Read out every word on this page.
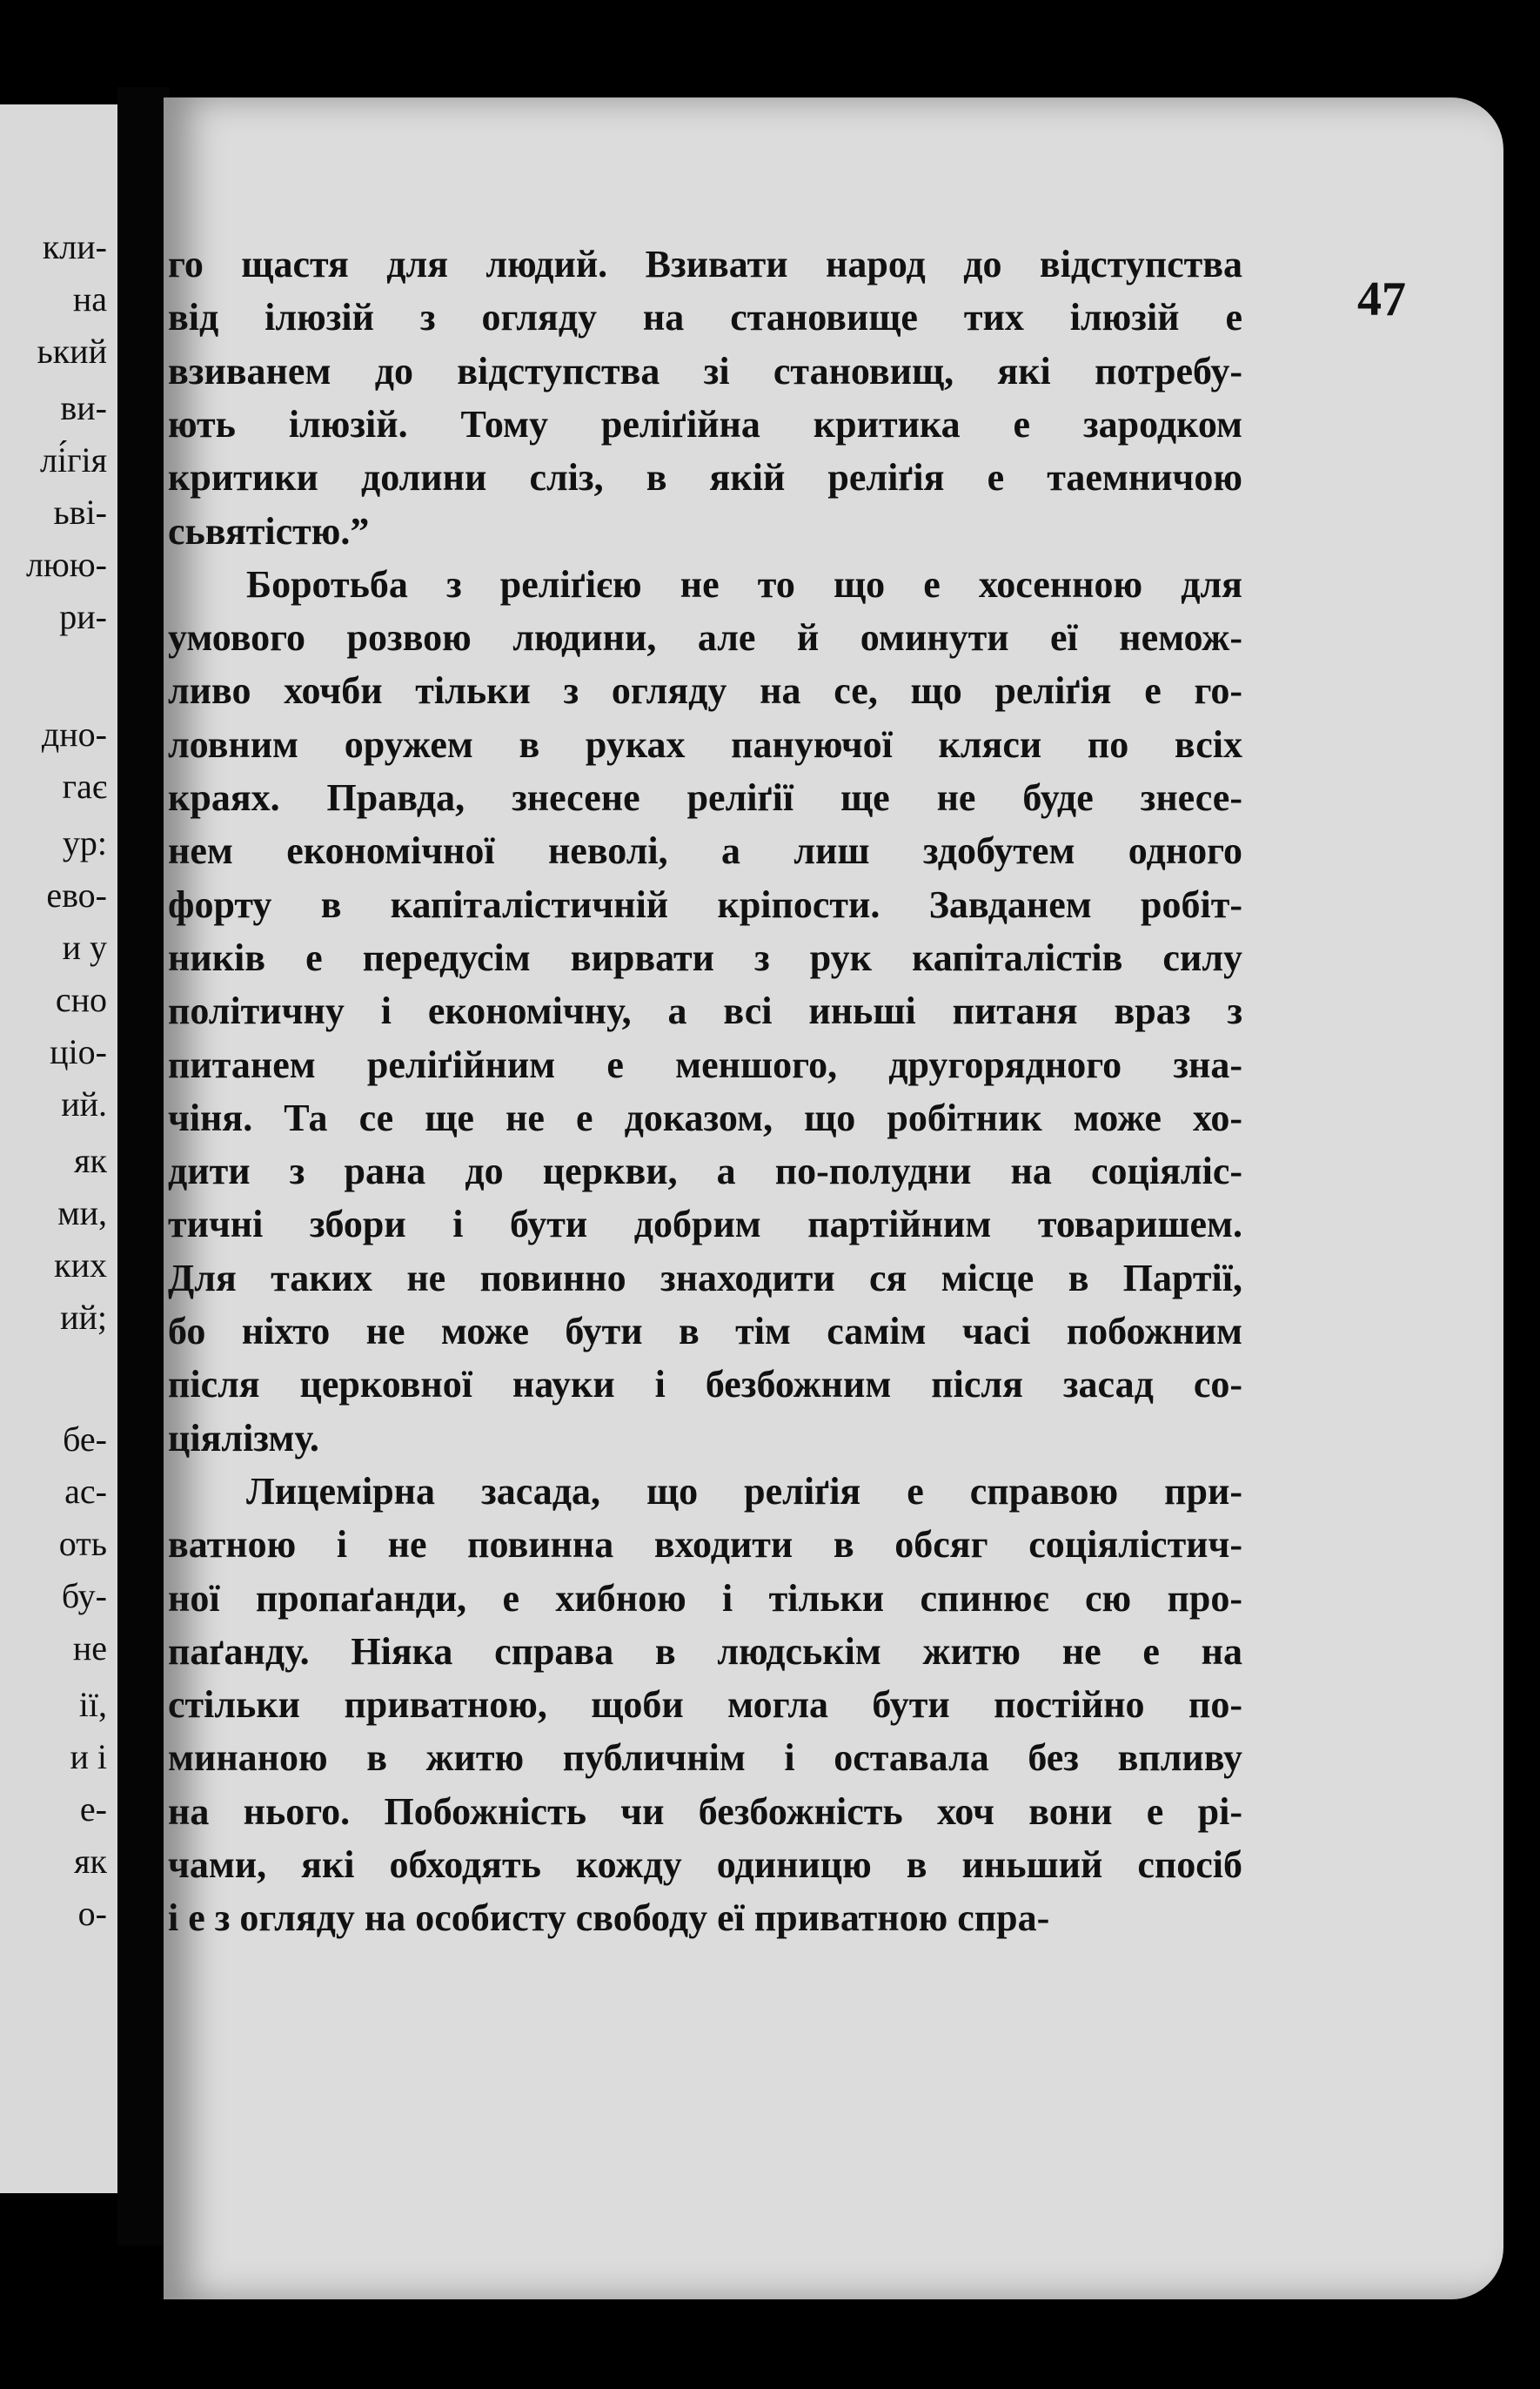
кли-
на
ький
ви-
лі́гія
ьві-
люю-
ри-
дно-
гає
ур:
ево-
и у
сно
ціо-
ий.
як
ми,
ких
ий;
бе-
ас-
оть
бу-
не
ії,
и і
е-
як
о-
47
го щастя для людий. Взивати народ до відступства
від ілюзій з огляду на становище тих ілюзій е
взиванем до відступства зі становищ, які потребу-
ють ілюзій. Тому реліґійна критика е зародком
критики долини сліз, в якій реліґія е таемничою
сьвятістю.”
Боротьба з реліґією не то що е хосенною для
умового розвою людини, але й оминути еї немож-
ливо хочби тільки з огляду на се, що реліґія е го-
ловним оружем в руках пануючої кляси по всіх
краях. Правда, знесене реліґії ще не буде знесе-
нем економічної неволі, а лиш здобутем одного
форту в капіталістичній кріпости. Завданем робіт-
ників е передусім вирвати з рук капіталістів силу
політичну і економічну, а всі иньші питаня враз з
питанем реліґійним е меншого, другорядного зна-
чіня. Та се ще не е доказом, що робітник може хо-
дити з рана до церкви, а по-полудни на соціяліс-
тичні збори і бути добрим партійним товаришем.
Для таких не повинно знаходити ся місце в Партії,
бо ніхто не може бути в тім самім часі побожним
після церковної науки і безбожним після засад со-
ціялізму.
Лицемірна засада, що реліґія е справою при-
ватною і не повинна входити в обсяг соціялістич-
ної пропаґанди, е хибною і тільки спинює сю про-
паґанду. Ніяка справа в людськім житю не е на
стільки приватною, щоби могла бути постійно по-
минаною в житю публичнім і оставала без впливу
на нього. Побожність чи безбожність хоч вони е рі-
чами, які обходять кожду одиницю в иньший спосіб
і е з огляду на особисту свободу еї приватною спра-
